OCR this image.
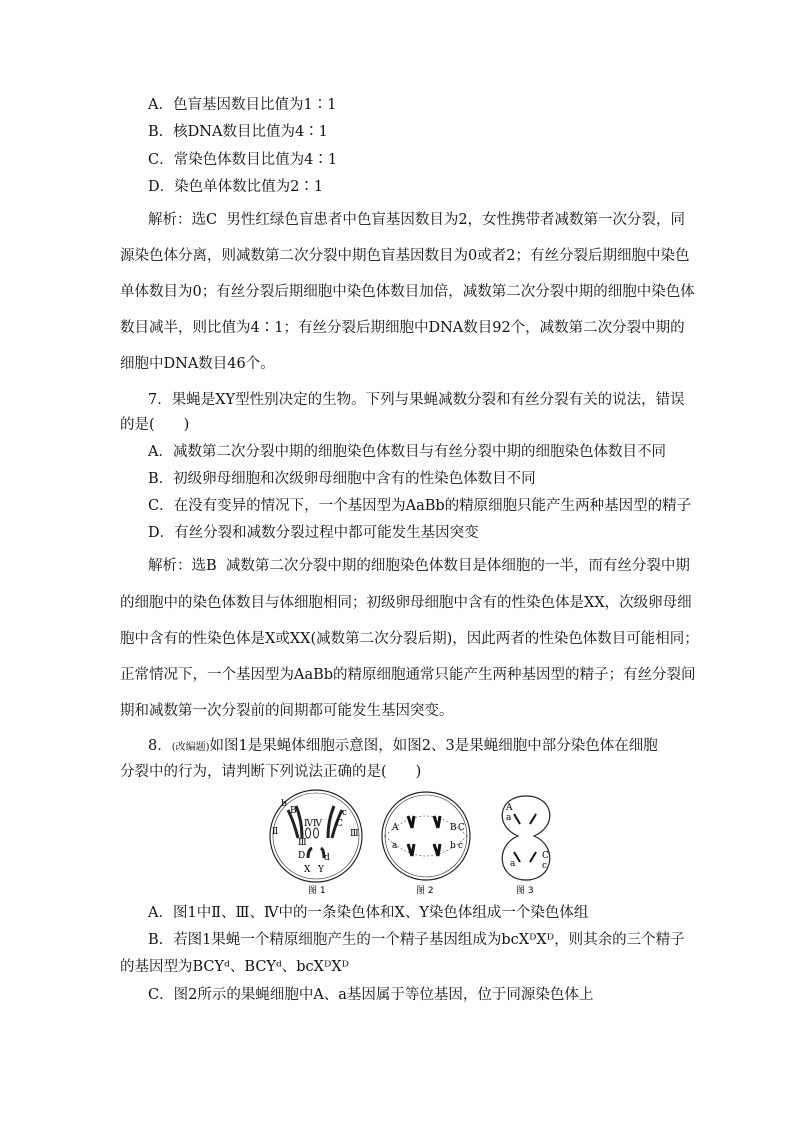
A．色盲基因数目比值为1∶1
B．核DNA数目比值为4∶1
C．常染色体数目比值为4∶1
D．染色单体数比值为2∶1
解析：选C 男性红绿色盲患者中色盲基因数目为2，女性携带者减数第一次分裂，同
源染色体分离，则减数第二次分裂中期色盲基因数目为0或者2；有丝分裂后期细胞中染色
单体数目为0；有丝分裂后期细胞中染色体数目加倍，减数第二次分裂中期的细胞中染色体
数目减半，则比值为4∶1；有丝分裂后期细胞中DNA数目92个，减数第二次分裂中期的
细胞中DNA数目46个。
7．果蝇是XY型性别决定的生物。下列与果蝇减数分裂和有丝分裂有关的说法，错误
的是(　　)
A．减数第二次分裂中期的细胞染色体数目与有丝分裂中期的细胞染色体数目不同
B．初级卵母细胞和次级卵母细胞中含有的性染色体数目不同
C．在没有变异的情况下，一个基因型为AaBb的精原细胞只能产生两种基因型的精子
D．有丝分裂和减数分裂过程中都可能发生基因突变
解析：选B 减数第二次分裂中期的细胞染色体数目是体细胞的一半，而有丝分裂中期
的细胞中的染色体数目与体细胞相同；初级卵母细胞中含有的性染色体是XX，次级卵母细
胞中含有的性染色体是X或XX(减数第二次分裂后期)，因此两者的性染色体数目可能相同；
正常情况下，一个基因型为AaBb的精原细胞通常只能产生两种基因型的精子；有丝分裂间
期和减数第一次分裂前的间期都可能发生基因突变。
8．(改编题)如图1是果蝇体细胞示意图，如图2、3是果蝇细胞中部分染色体在细胞
分裂中的行为，请判断下列说法正确的是(　　)
b
B	c
C
Ⅱ
ⅣⅣ
Ⅲ
Ⅲ
D d
X Y
图 1
A
a
B
b
C
c
图 2
A
a
a
C
c
图 3
A．图1中Ⅱ、Ⅲ、Ⅳ中的一条染色体和X、Y染色体组成一个染色体组
B．若图1果蝇一个精原细胞产生的一个精子基因组成为bcXᴰXᴰ，则其余的三个精子
的基因型为BCYᵈ、BCYᵈ、bcXᴰXᴰ
C．图2所示的果蝇细胞中A、a基因属于等位基因，位于同源染色体上
